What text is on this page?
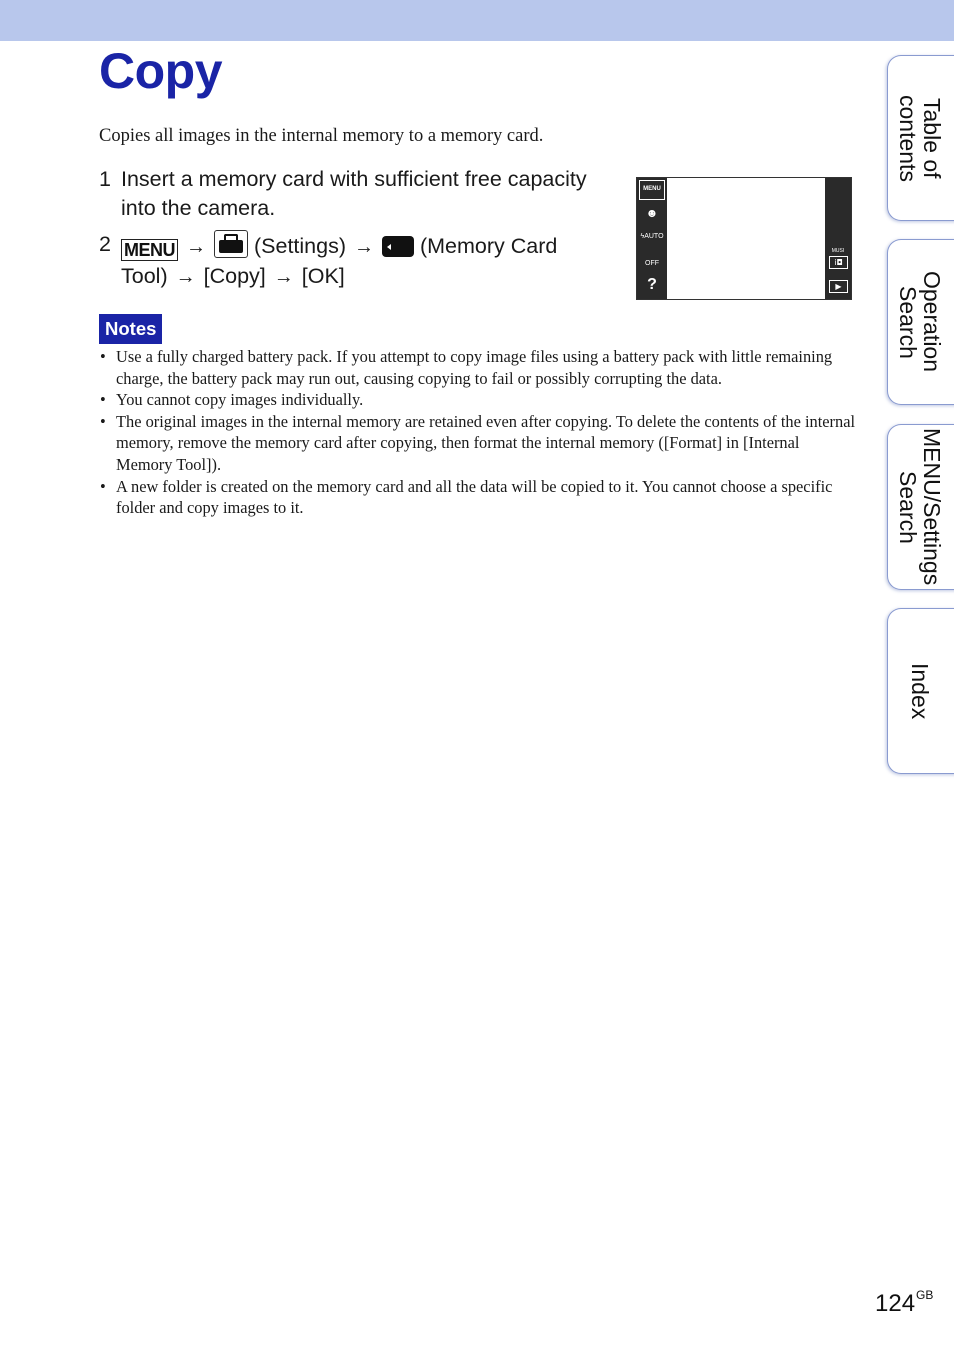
Copy

Copies all images in the internal memory to a memory card.

1 Insert a memory card with sufficient free capacity
into the camera.
2 MENU → (Settings) → (Memory Card
Tool) → [Copy] → [OK]
MENU
☻
ϟAUTO
OFF
?
MUSI
i◘
▶
Notes
• Use a fully charged battery pack. If you attempt to copy image files using a battery pack with little remaining charge, the battery pack may run out, causing copying to fail or possibly corrupting the data.
• You cannot copy images individually.
• The original images in the internal memory are retained even after copying. To delete the contents of the internal memory, remove the memory card after copying, then format the internal memory ([Format] in [Internal Memory Tool]).
• A new folder is created on the memory card and all the data will be copied to it. You cannot choose a specific folder and copy images to it.
Table of
contents
Operation
Search
MENU/Settings
Search
Index
$124^{GB}$
